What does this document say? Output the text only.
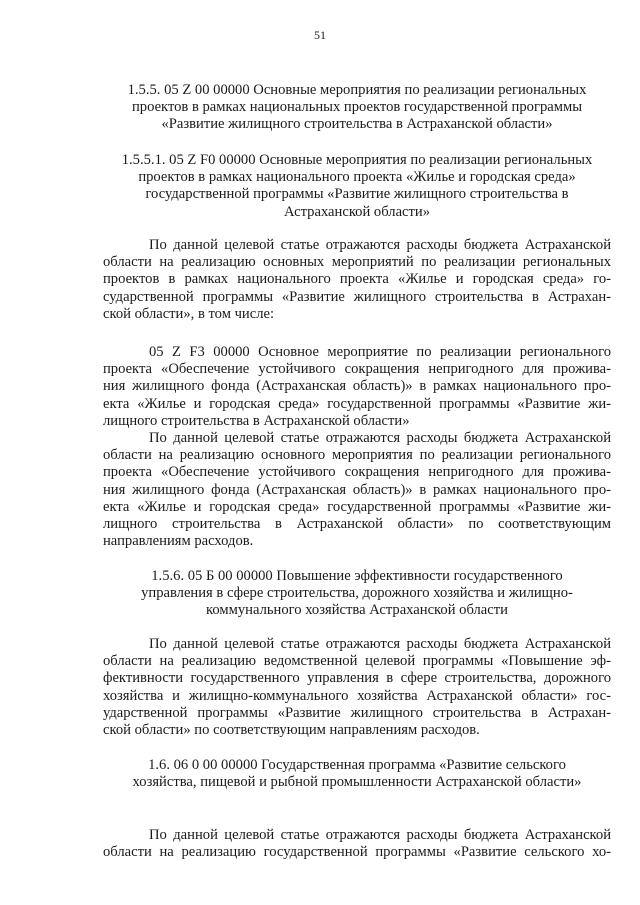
51
1.5.5. 05 Z 00 00000 Основные мероприятия по реализации региональных
проектов в рамках национальных проектов государственной программы
«Развитие жилищного строительства в Астраханской области»
1.5.5.1. 05 Z F0 00000 Основные мероприятия по реализации региональных
проектов в рамках национального проекта «Жилье и городская среда»
государственной программы «Развитие жилищного строительства в
Астраханской области»
По данной целевой статье отражаются расходы бюджета Астраханской
области на реализацию основных мероприятий по реализации региональных
проектов в рамках национального проекта «Жилье и городская среда» го-
сударственной программы «Развитие жилищного строительства в Астрахан-
ской области», в том числе:
05 Z F3 00000 Основное мероприятие по реализации регионального
проекта «Обеспечение устойчивого сокращения непригодного для прожива-
ния жилищного фонда (Астраханская область)» в рамках национального про-
екта «Жилье и городская среда» государственной программы «Развитие жи-
лищного строительства в Астраханской области»
По данной целевой статье отражаются расходы бюджета Астраханской
области на реализацию основного мероприятия по реализации регионального
проекта «Обеспечение устойчивого сокращения непригодного для прожива-
ния жилищного фонда (Астраханская область)» в рамках национального про-
екта «Жилье и городская среда» государственной программы «Развитие жи-
лищного строительства в Астраханской области» по соответствующим
направлениям расходов.
1.5.6. 05 Б 00 00000 Повышение эффективности государственного
управления в сфере строительства, дорожного хозяйства и жилищно-
коммунального хозяйства Астраханской области
По данной целевой статье отражаются расходы бюджета Астраханской
области на реализацию ведомственной целевой программы «Повышение эф-
фективности государственного управления в сфере строительства, дорожного
хозяйства и жилищно-коммунального хозяйства Астраханской области» гос-
ударственной программы «Развитие жилищного строительства в Астрахан-
ской области» по соответствующим направлениям расходов.
1.6. 06 0 00 00000 Государственная программа «Развитие сельского
хозяйства, пищевой и рыбной промышленности Астраханской области»
По данной целевой статье отражаются расходы бюджета Астраханской
области на реализацию государственной программы «Развитие сельского хо-
